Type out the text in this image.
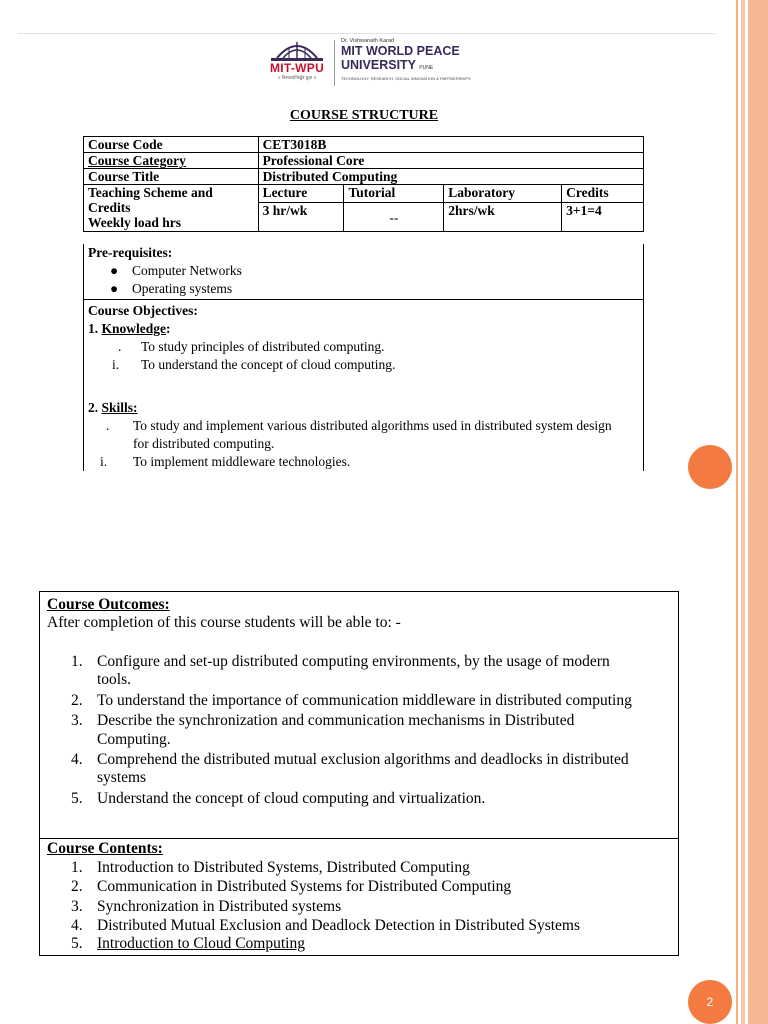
2
MIT-WPU
॥ विश्वशान्तिर्ध्रुवं ध्रुवा ॥
Dr. Vishwanath Karad
MIT WORLD PEACE
UNIVERSITY PUNE
TECHNOLOGY, RESEARCH, SOCIAL INNOVATION & PARTNERSHIPS
COURSE STRUCTURE
Course Code	CET3018B			
Course Category	Professional Core			
Course Title	Distributed Computing			
Teaching Scheme and
Credits
Weekly load hrs	Lecture	Tutorial	Laboratory	Credits
	3 hr/wk	--	2hrs/wk	3+1=4
Pre-requisites:
● Computer Networks
● Operating systems
Course Objectives:
1. Knowledge:
. To study principles of distributed computing.
i. To understand the concept of cloud computing.
2. Skills:
. To study and implement various distributed algorithms used in distributed system design
for distributed computing.
i. To implement middleware technologies.
Course Outcomes:
After completion of this course students will be able to: -
1. Configure and set-up distributed computing environments, by the usage of modern
tools.
2. To understand the importance of communication middleware in distributed computing
3. Describe the synchronization and communication mechanisms in Distributed
Computing.
4. Comprehend the distributed mutual exclusion algorithms and deadlocks in distributed
systems
5. Understand the concept of cloud computing and virtualization.
Course Contents:
1. Introduction to Distributed Systems, Distributed Computing
2. Communication in Distributed Systems for Distributed Computing
3. Synchronization in Distributed systems
4. Distributed Mutual Exclusion and Deadlock Detection in Distributed Systems
5. Introduction to Cloud Computing
